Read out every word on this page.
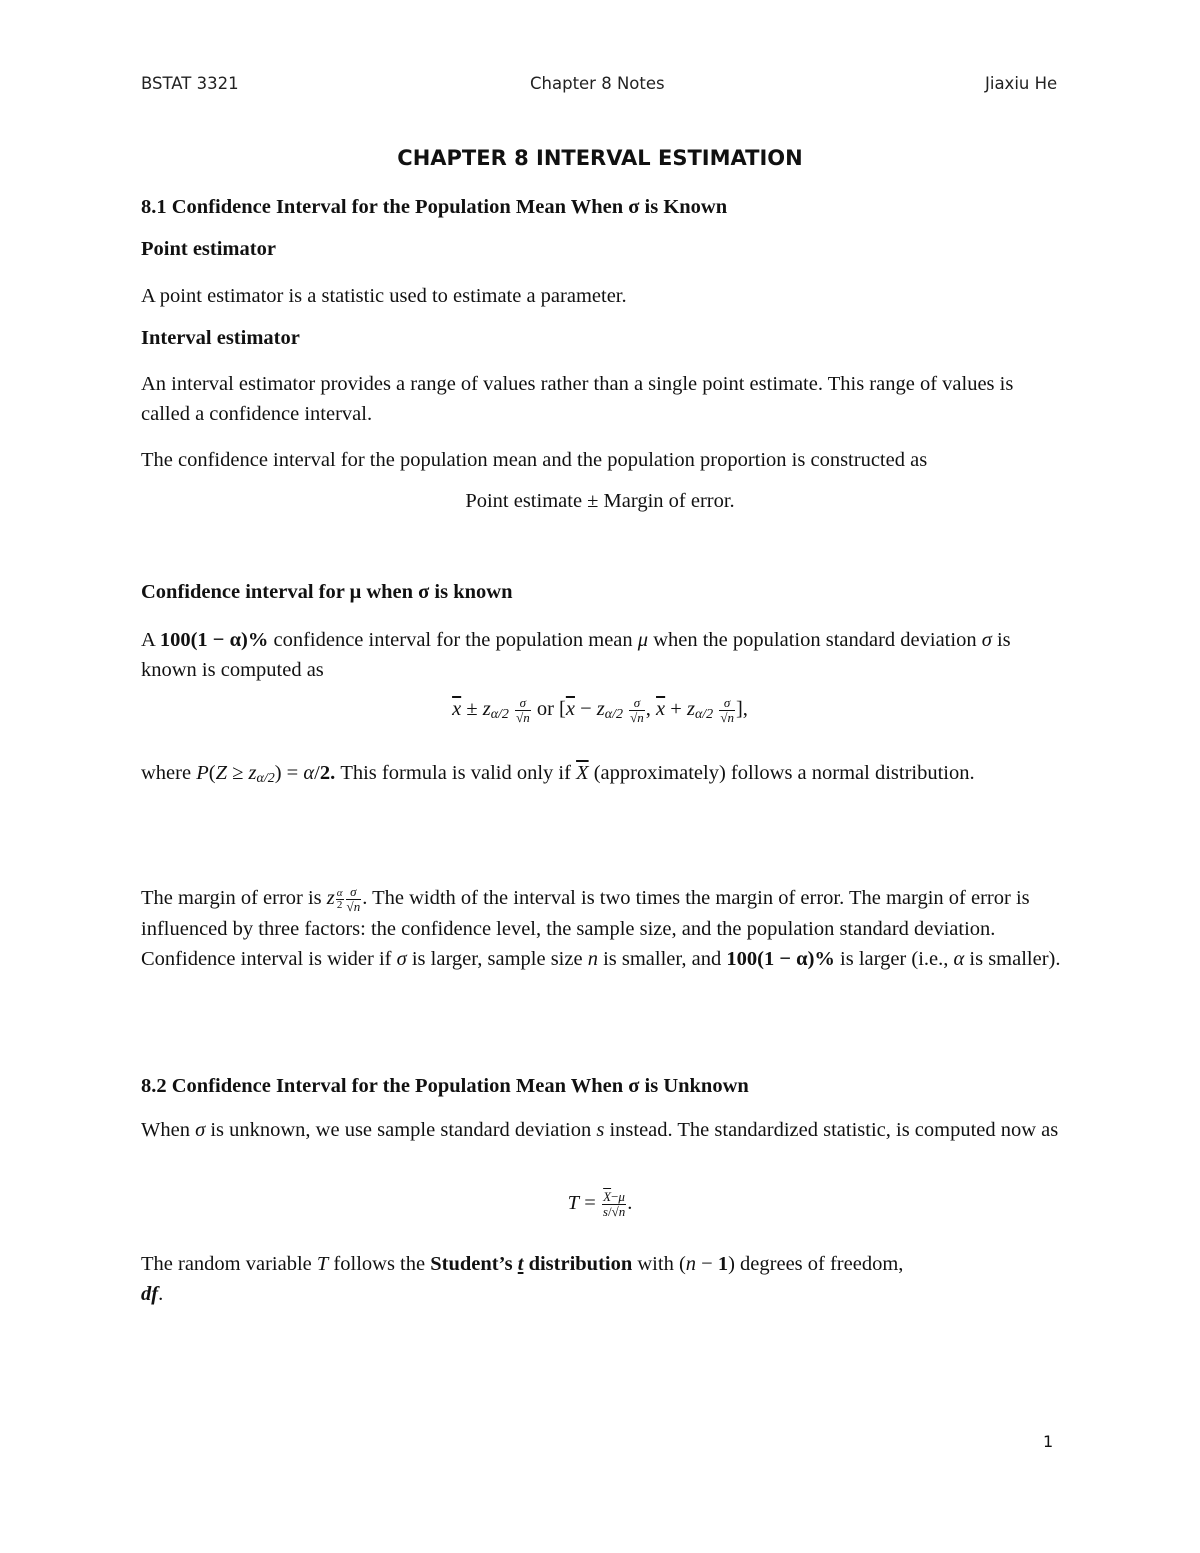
BSTAT 3321	Chapter 8 Notes	Jiaxiu He
CHAPTER 8 INTERVAL ESTIMATION
8.1 Confidence Interval for the Population Mean When σ is Known
Point estimator
A point estimator is a statistic used to estimate a parameter.
Interval estimator
An interval estimator provides a range of values rather than a single point estimate. This range of values is called a confidence interval.
The confidence interval for the population mean and the population proportion is constructed as
Point estimate ± Margin of error.
Confidence interval for μ when σ is known
A 100(1 − α)% confidence interval for the population mean μ when the population standard deviation σ is known is computed as
$\overline{x} \pm z_{\alpha/2} \frac{\sigma}{√n}$ or [$\overline{x} - z_{\alpha/2} \frac{\sigma}{√n}$ , $\overline{x} + z_{\alpha/2} \frac{\sigma}{√n}$ ],
where $P(Z \ge z_{\alpha/2}) = \alpha/2$. This formula is valid only if $\overline{X}$ (approximately) follows a normal distribution.
The margin of error is z $\frac{\alpha}{2} \frac{\sigma}{√n}$ . The width of the interval is two times the margin of error. The margin of error is influenced by three factors: the confidence level, the sample size, and the population standard deviation. Confidence interval is wider if σ is larger, sample size n is smaller, and 100(1 − α)% is larger (i.e., α is smaller).
8.2 Confidence Interval for the Population Mean When σ is Unknown
When σ is unknown, we use sample standard deviation s instead. The standardized statistic, is computed now as
$T = \frac{\overline{X}-\mu}{s/√n}$ .
The random variable T follows the Student’s t distribution with (n − 1) degrees of freedom,
df.
1
